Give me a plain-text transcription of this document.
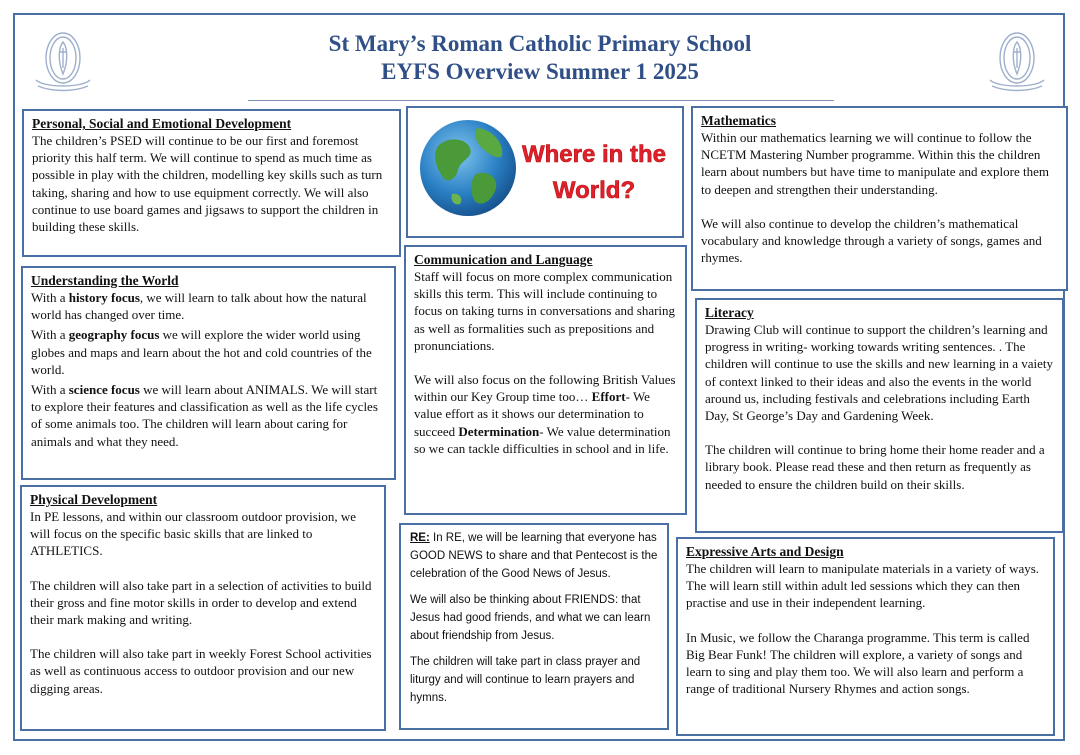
St Mary’s Roman Catholic Primary School
EYFS Overview Summer 1 2025
Personal, Social and Emotional Development

The children’s PSED will continue to be our first and foremost priority this half term. We will continue to spend as much time as possible in play with the children, modelling key skills such as turn taking, sharing and how to use equipment correctly. We will also continue to use board games and jigsaws to support the children in building these skills.

Where in the
World?
Understanding the World

With a history focus, we will learn to talk about how the natural world has changed over time.

With a geography focus we will explore the wider world using globes and maps and learn about the hot and cold countries of the world.

With a science focus we will learn about ANIMALS. We will start to explore their features and classification as well as the life cycles of some animals too. The children will learn about caring for animals and what they need.

Physical Development

In PE lessons, and within our classroom outdoor provision, we will focus on the specific basic skills that are linked to ATHLETICS.

The children will also take part in a selection of activities to build their gross and fine motor skills in order to develop and extend their mark making and writing.

The children will also take part in weekly Forest School activities as well as continuous access to outdoor provision and our new digging areas.

Communication and Language

Staff will focus on more complex communication skills this term. This will include continuing to focus on taking turns in conversations and sharing as well as formalities such as prepositions and pronunciations.

We will also focus on the following British Values within our Key Group time too… Effort- We value effort as it shows our determination to succeed Determination- We value determination so we can tackle difficulties in school and in life.

RE: In RE, we will be learning that everyone has GOOD NEWS to share and that Pentecost is the celebration of the Good News of Jesus.

We will also be thinking about FRIENDS: that Jesus had good friends, and what we can learn about friendship from Jesus.

The children will take part in class prayer and liturgy and will continue to learn prayers and hymns.

Mathematics

Within our mathematics learning we will continue to follow the NCETM Mastering Number programme. Within this the children learn about numbers but have time to manipulate and explore them to deepen and strengthen their understanding.

We will also continue to develop the children’s mathematical vocabulary and knowledge through a variety of songs, games and rhymes.

Literacy

Drawing Club will continue to support the children’s learning and progress in writing- working towards writing sentences. . The children will continue to use the skills and new learning in a vaiety of context linked to their ideas and also the events in the world around us, including festivals and celebrations including Earth Day, St George’s Day and Gardening Week.

The children will continue to bring home their home reader and a library book. Please read these and then return as frequently as needed to ensure the children build on their skills.

Expressive Arts and Design

The children will learn to manipulate materials in a variety of ways. The will learn still within adult led sessions which they can then practise and use in their independent learning.

In Music, we follow the Charanga programme. This term is called Big Bear Funk! The children will explore, a variety of songs and learn to sing and play them too. We will also learn and perform a range of traditional Nursery Rhymes and action songs.
